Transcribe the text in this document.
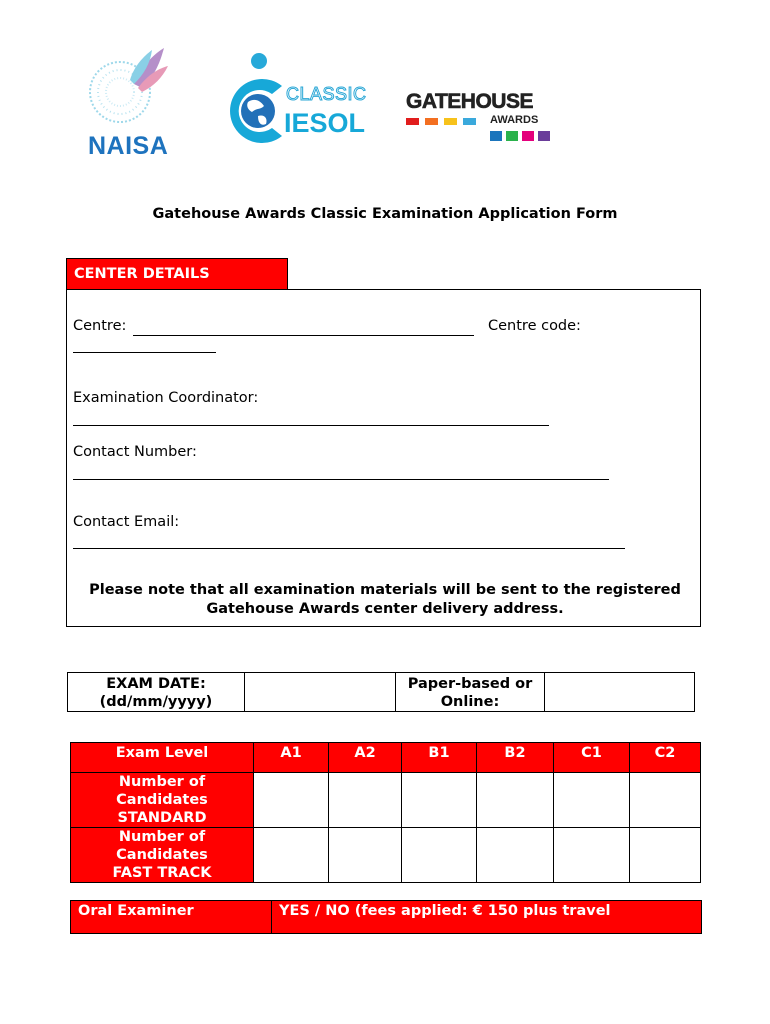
NAISA
CLASSIC
IESOL
GATEHOUSE
AWARDS
Gatehouse Awards Classic Examination Application Form
CENTER DETAILS
Centre:	Centre code:
Examination Coordinator:
Contact Number:
Contact Email:
Please note that all examination materials will be sent to the registered
Gatehouse Awards center delivery address.
EXAM DATE:
(dd/mm/yyyy)

Paper-based or
Online:

Exam Level	A1	A2	B1	B2	C1	C2

Number of
Candidates
STANDARD						

Number of
Candidates
FAST TRACK						

Oral Examiner	YES / NO (fees applied: € 150 plus travel
